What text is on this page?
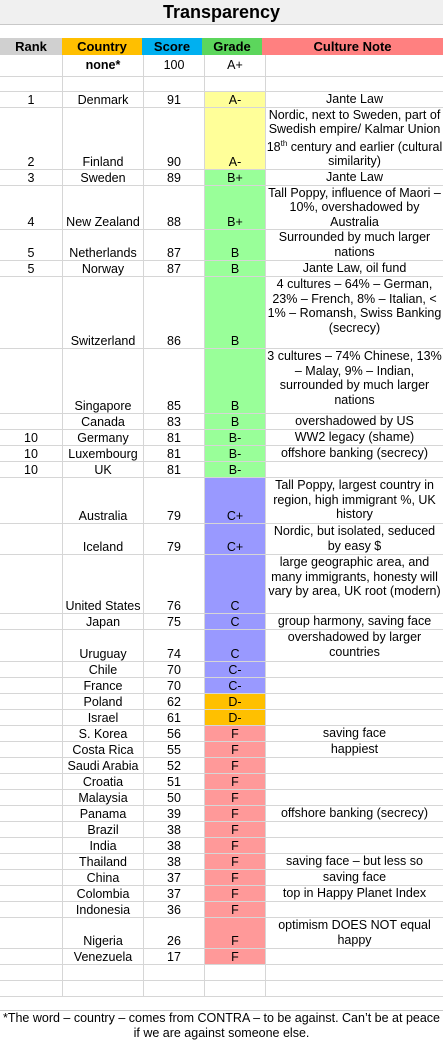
Transparency
Rank	Country	Score	Grade	Culture Note
	none*	100	A+	

1	Denmark	91	A-	Jante Law
2	Finland	90	A-	Nordic, next to Sweden, part of Swedish empire/ Kalmar Union 18th century and earlier (cultural similarity)
3	Sweden	89	B+	Jante Law
4	New Zealand	88	B+	Tall Poppy, influence of Maori – 10%, overshadowed by Australia
5	Netherlands	87	B	Surrounded by much larger nations
5	Norway	87	B	Jante Law, oil fund
	Switzerland	86	B	4 cultures – 64% – German, 23% – French, 8% – Italian, < 1% – Romansh, Swiss Banking (secrecy)
	Singapore	85	B	3 cultures – 74% Chinese, 13% – Malay, 9% – Indian, surrounded by much larger nations
	Canada	83	B	overshadowed by US
10	Germany	81	B-	WW2 legacy (shame)
10	Luxembourg	81	B-	offshore banking (secrecy)
10	UK	81	B-	
	Australia	79	C+	Tall Poppy, largest country in region, high immigrant %, UK history
	Iceland	79	C+	Nordic, but isolated, seduced by easy $
	United States	76	C	large geographic area, and many immigrants, honesty will vary by area, UK root (modern)
	Japan	75	C	group harmony, saving face
	Uruguay	74	C	overshadowed by larger countries
	Chile	70	C-	
	France	70	C-	
	Poland	62	D-	
	Israel	61	D-	
	S. Korea	56	F	saving face
	Costa Rica	55	F	happiest
	Saudi Arabia	52	F	
	Croatia	51	F	
	Malaysia	50	F	
	Panama	39	F	offshore banking (secrecy)
	Brazil	38	F	
	India	38	F	
	Thailand	38	F	saving face – but less so
	China	37	F	saving face
	Colombia	37	F	top in Happy Planet Index
	Indonesia	36	F	
	Nigeria	26	F	optimism DOES NOT equal happy
	Venezuela	17	F	

*The word – country – comes from CONTRA – to be against. Can’t be at peace if we are against someone else.
